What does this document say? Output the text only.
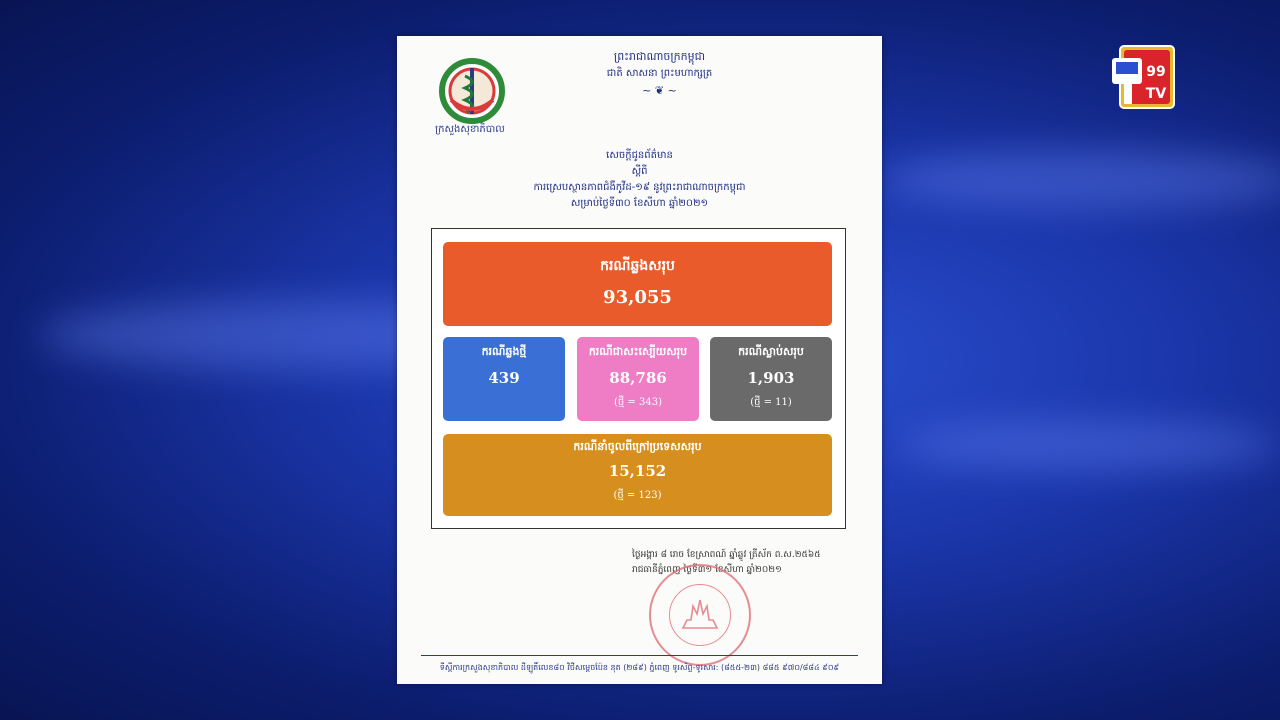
ក្រសួងសុខាភិបាល
ព្រះរាជាណាចក្រកម្ពុជា
ជាតិ សាសនា ព្រះមហាក្សត្រ
~ ❦ ~
សេចក្តីជូនព័ត៌មាន
ស្តីពី
ការស្រេបស្ថានភាពជំងឺកូវីដ-១៩ នូវព្រះរាជាណាចក្រកម្ពុជា
សម្រាប់ថ្ងៃទី៣០ ខែសីហា ឆ្នាំ២០២១
ករណីឆ្លងសរុប
93,055
ករណីឆ្លងថ្មី
439
ករណីជាសះស្បើយសរុប
88,786
(ថ្មី = 343)
ករណីស្លាប់សរុប
1,903
(ថ្មី = 11)
ករណីនាំចូលពីក្រៅប្រទេសសរុប
15,152
(ថ្មី = 123)
ថ្ងៃអង្គារ ៨ រោច ខែស្រាពណ៍ ឆ្នាំឆ្លូវ ត្រីស័ក ព.ស.២៥៦៥
រាជធានីភ្នំពេញ ថ្ងៃទី៣១ ខែសីហា ឆ្នាំ២០២១
ទីស្តីការក្រសួងសុខាភិបាល ដីឡូតិ៍លេខ៨០ វិថីសម្តេចប៉ែន នុត (២៨៩) ភ្នំពេញ ទូរស័ព្ទ-ទូរសារ: (៨៥៥-២៣) ៨៨៥ ៩៧០/៨៨៤ ៩០៩
99
TV
